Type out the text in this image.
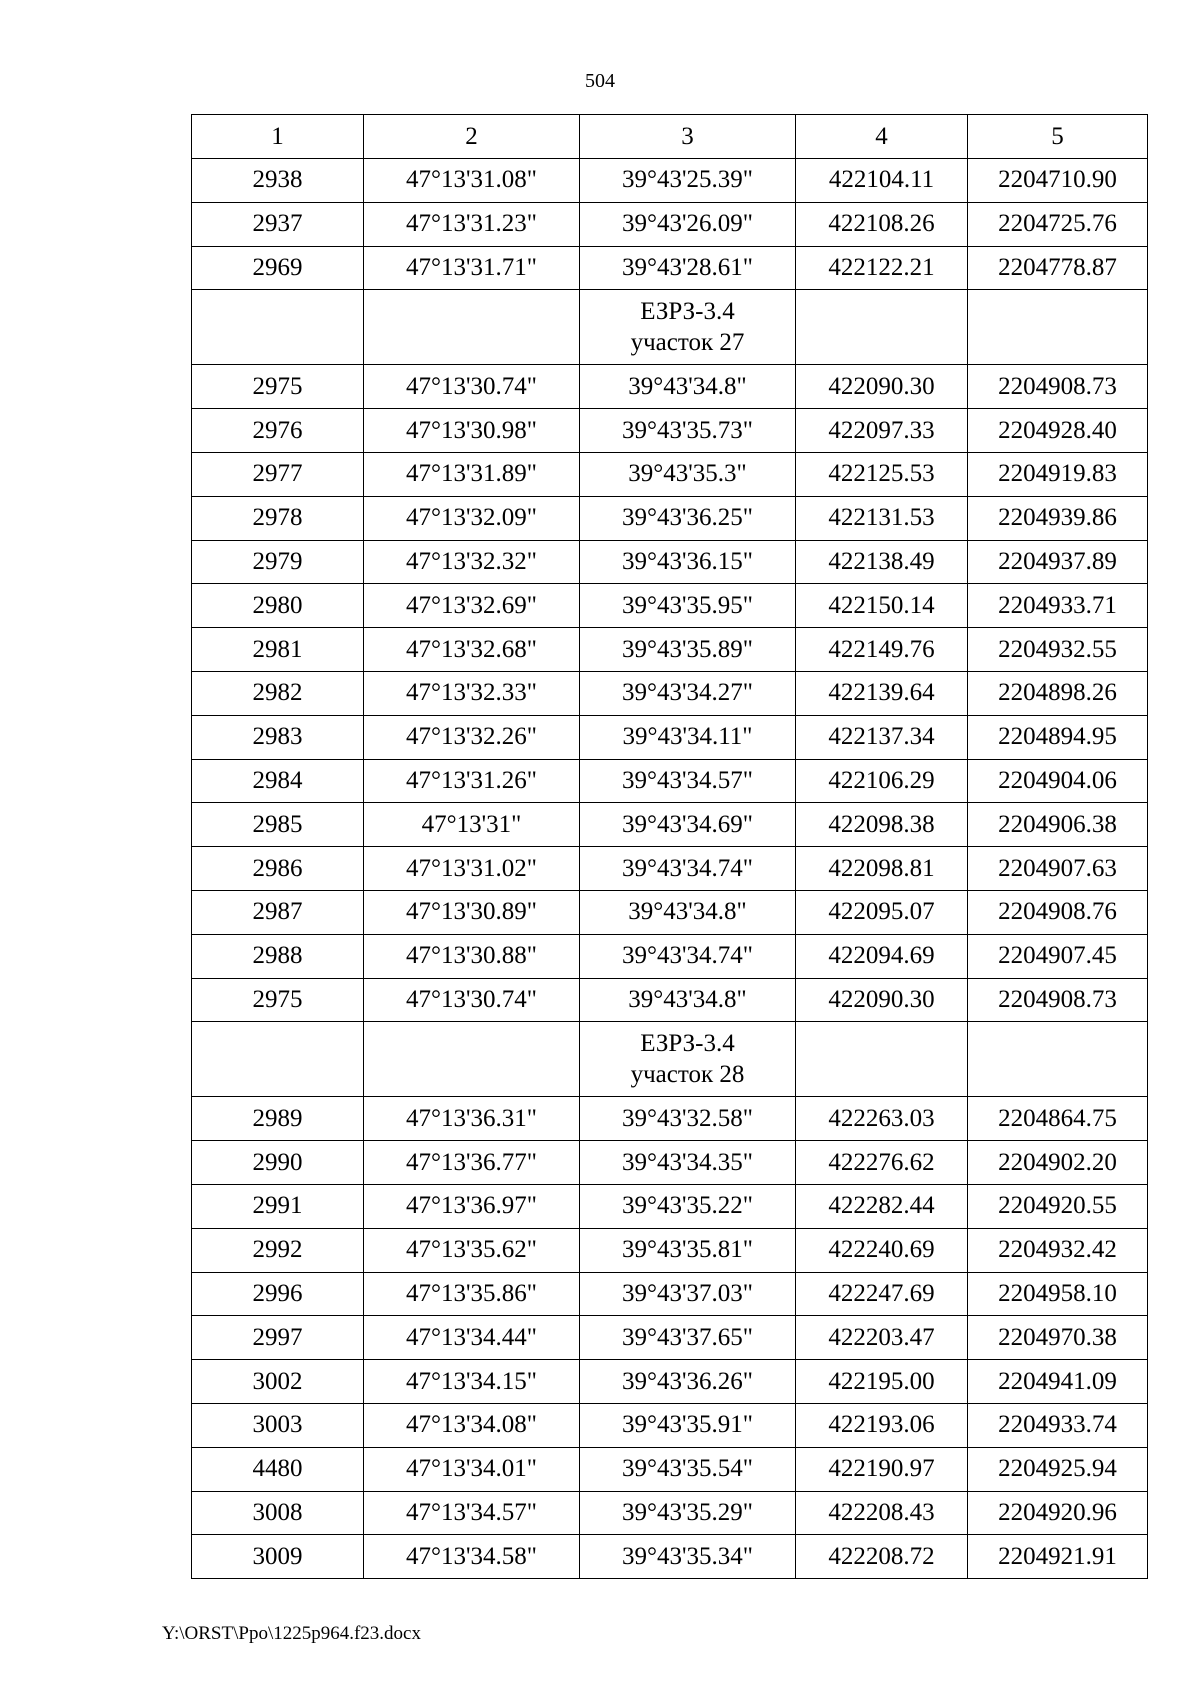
504
1	2	3	4	5
2938	47°13'31.08"	39°43'25.39"	422104.11	2204710.90
2937	47°13'31.23"	39°43'26.09"	422108.26	2204725.76
2969	47°13'31.71"	39°43'28.61"	422122.21	2204778.87

		ЕЗРЗ-3.4
участок 27		

2975	47°13'30.74"	39°43'34.8"	422090.30	2204908.73
2976	47°13'30.98"	39°43'35.73"	422097.33	2204928.40
2977	47°13'31.89"	39°43'35.3"	422125.53	2204919.83
2978	47°13'32.09"	39°43'36.25"	422131.53	2204939.86
2979	47°13'32.32"	39°43'36.15"	422138.49	2204937.89
2980	47°13'32.69"	39°43'35.95"	422150.14	2204933.71
2981	47°13'32.68"	39°43'35.89"	422149.76	2204932.55
2982	47°13'32.33"	39°43'34.27"	422139.64	2204898.26
2983	47°13'32.26"	39°43'34.11"	422137.34	2204894.95
2984	47°13'31.26"	39°43'34.57"	422106.29	2204904.06
2985	47°13'31"	39°43'34.69"	422098.38	2204906.38
2986	47°13'31.02"	39°43'34.74"	422098.81	2204907.63
2987	47°13'30.89"	39°43'34.8"	422095.07	2204908.76
2988	47°13'30.88"	39°43'34.74"	422094.69	2204907.45
2975	47°13'30.74"	39°43'34.8"	422090.30	2204908.73

		ЕЗРЗ-3.4
участок 28		

2989	47°13'36.31"	39°43'32.58"	422263.03	2204864.75
2990	47°13'36.77"	39°43'34.35"	422276.62	2204902.20
2991	47°13'36.97"	39°43'35.22"	422282.44	2204920.55
2992	47°13'35.62"	39°43'35.81"	422240.69	2204932.42
2996	47°13'35.86"	39°43'37.03"	422247.69	2204958.10
2997	47°13'34.44"	39°43'37.65"	422203.47	2204970.38
3002	47°13'34.15"	39°43'36.26"	422195.00	2204941.09
3003	47°13'34.08"	39°43'35.91"	422193.06	2204933.74
4480	47°13'34.01"	39°43'35.54"	422190.97	2204925.94
3008	47°13'34.57"	39°43'35.29"	422208.43	2204920.96
3009	47°13'34.58"	39°43'35.34"	422208.72	2204921.91
Y:\ORST\Ppo\1225p964.f23.docx
